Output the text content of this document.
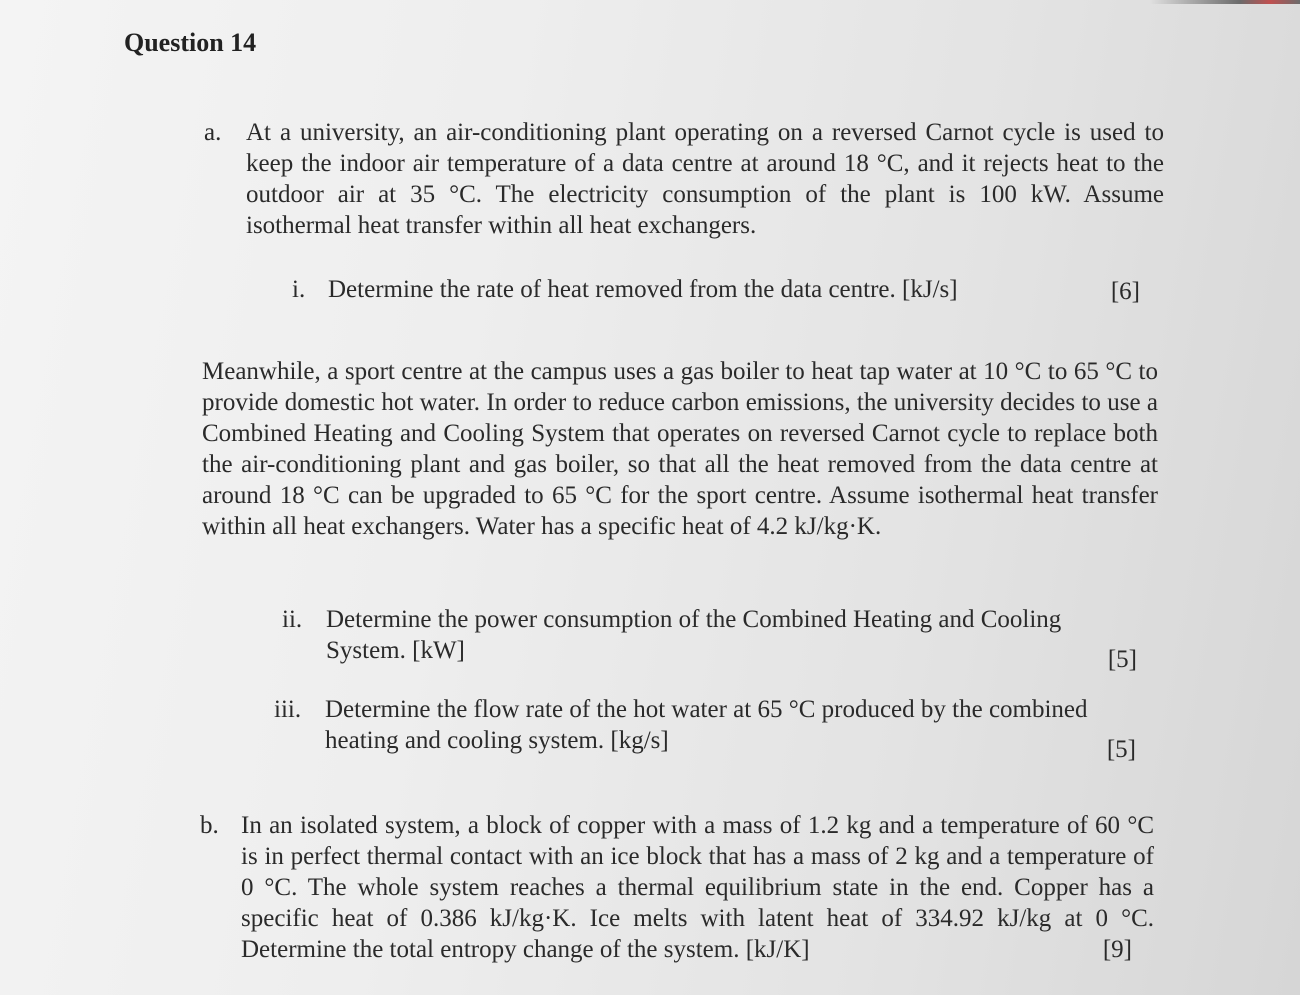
Question 14
a. At a university, an air-conditioning plant operating on a reversed Carnot cycle is used to keep the indoor air temperature of a data centre at around 18 °C, and it rejects heat to the outdoor air at 35 °C. The electricity consumption of the plant is 100 kW. Assume isothermal heat transfer within all heat exchangers.
i. Determine the rate of heat removed from the data centre. [kJ/s]	[6]
Meanwhile, a sport centre at the campus uses a gas boiler to heat tap water at 10 °C to 65 °C to provide domestic hot water. In order to reduce carbon emissions, the university decides to use a Combined Heating and Cooling System that operates on reversed Carnot cycle to replace both the air-conditioning plant and gas boiler, so that all the heat removed from the data centre at around 18 °C can be upgraded to 65 °C for the sport centre. Assume isothermal heat transfer within all heat exchangers. Water has a specific heat of 4.2 kJ/kg·K.
ii. Determine the power consumption of the Combined Heating and Cooling System. [kW]	[5]
iii. Determine the flow rate of the hot water at 65 °C produced by the combined heating and cooling system. [kg/s]	[5]
b. In an isolated system, a block of copper with a mass of 1.2 kg and a temperature of 60 °C is in perfect thermal contact with an ice block that has a mass of 2 kg and a temperature of 0 °C. The whole system reaches a thermal equilibrium state in the end. Copper has a specific heat of 0.386 kJ/kg·K. Ice melts with latent heat of 334.92 kJ/kg at 0 °C. Determine the total entropy change of the system. [kJ/K]	[9]
